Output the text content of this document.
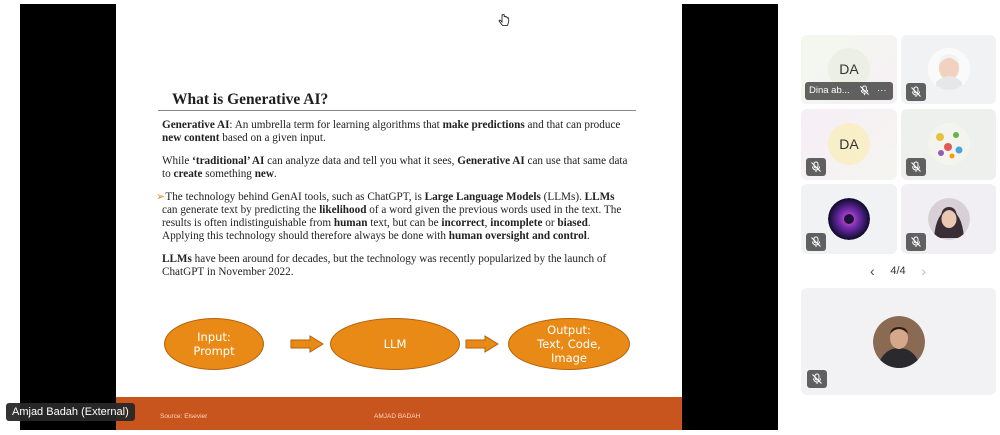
What is Generative AI?

Generative AI: An umbrella term for learning algorithms that make predictions and that can produce new content based on a given input.

While ‘traditional’ AI can analyze data and tell you what it sees, Generative AI can use that same data to create something new.

➢The technology behind GenAI tools, such as ChatGPT, is Large Language Models (LLMs). LLMs can generate text by predicting the likelihood of a word given the previous words used in the text. The results is often indistinguishable from human text, but can be incorrect, incomplete or biased. Applying this technology should therefore always be done with human oversight and control.

LLMs have been around for decades, but the technology was recently popularized by the launch of ChatGPT in November 2022.

Input:
Prompt	LLM
Output:
Text, Code,
Image
Source: Elsevier	AMJAD BADAH
Amjad Badah (External)
DA
Dina ab...	···
DA
‹ 4/4 ›
